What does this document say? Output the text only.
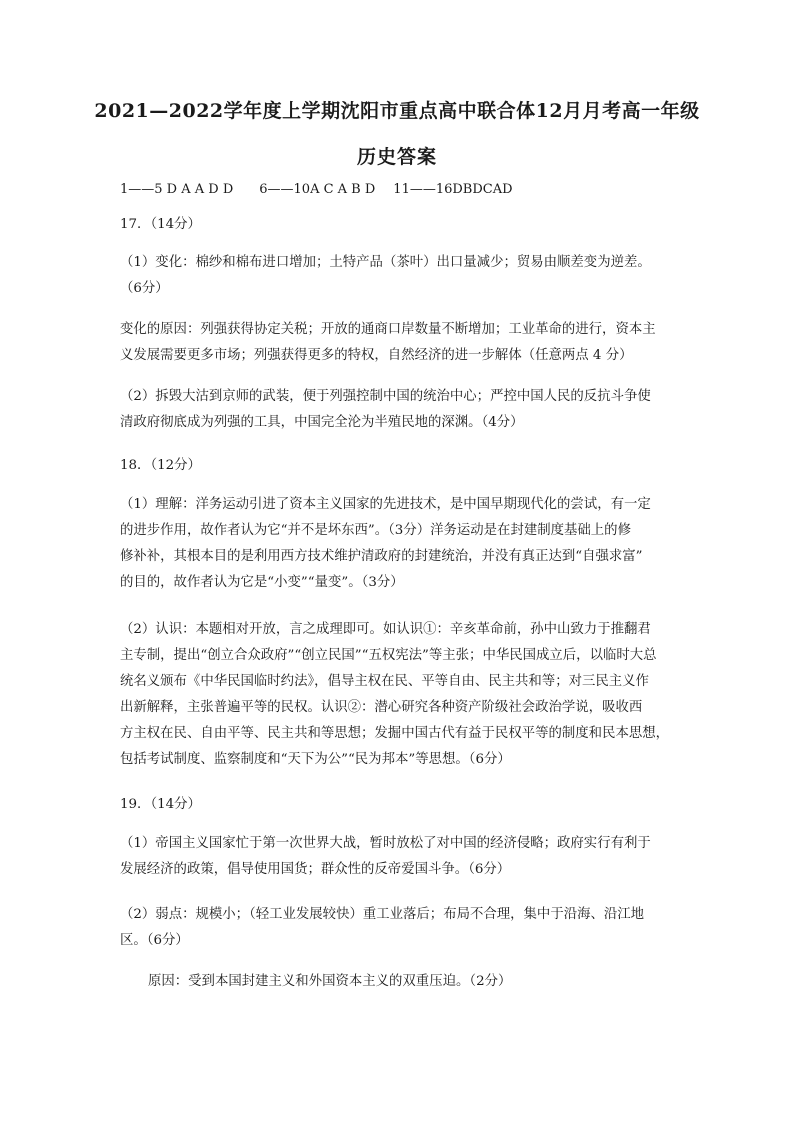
2021—2022学年度上学期沈阳市重点高中联合体12月月考高一年级
历史答案
1——5 D A A D D 6——10A C A B D 11——16DBDCAD
17．（14分）
（1）变化：棉纱和棉布进口增加；土特产品（茶叶）出口量减少；贸易由顺差变为逆差。
（6分）
变化的原因：列强获得协定关税；开放的通商口岸数量不断增加；工业革命的进行，资本主
义发展需要更多市场；列强获得更多的特权，自然经济的进一步解体（任意两点 4 分）
（2）拆毁大沽到京师的武装，便于列强控制中国的统治中心；严控中国人民的反抗斗争使
清政府彻底成为列强的工具，中国完全沦为半殖民地的深渊。（4分）
18．（12分）
（1）理解：洋务运动引进了资本主义国家的先进技术，是中国早期现代化的尝试，有一定
的进步作用，故作者认为它“并不是坏东西”。（3分）洋务运动是在封建制度基础上的修
修补补，其根本目的是利用西方技术维护清政府的封建统治，并没有真正达到“自强求富”
的目的，故作者认为它是“小变”“量变”。（3分）
（2）认识：本题相对开放，言之成理即可。如认识①：辛亥革命前，孙中山致力于推翻君
主专制，提出“创立合众政府”“创立民国”“五权宪法”等主张；中华民国成立后，以临时大总
统名义颁布《中华民国临时约法》，倡导主权在民、平等自由、民主共和等；对三民主义作
出新解释，主张普遍平等的民权。认识②：潜心研究各种资产阶级社会政治学说，吸收西
方主权在民、自由平等、民主共和等思想；发掘中国古代有益于民权平等的制度和民本思想，
包括考试制度、监察制度和“天下为公”“民为邦本”等思想。（6分）
19．（14分）
（1）帝国主义国家忙于第一次世界大战，暂时放松了对中国的经济侵略；政府实行有利于
发展经济的政策，倡导使用国货；群众性的反帝爱国斗争。（6分）
（2）弱点：规模小；（轻工业发展较快）重工业落后；布局不合理，集中于沿海、沿江地
区。（6分）
原因：受到本国封建主义和外国资本主义的双重压迫。（2分）
